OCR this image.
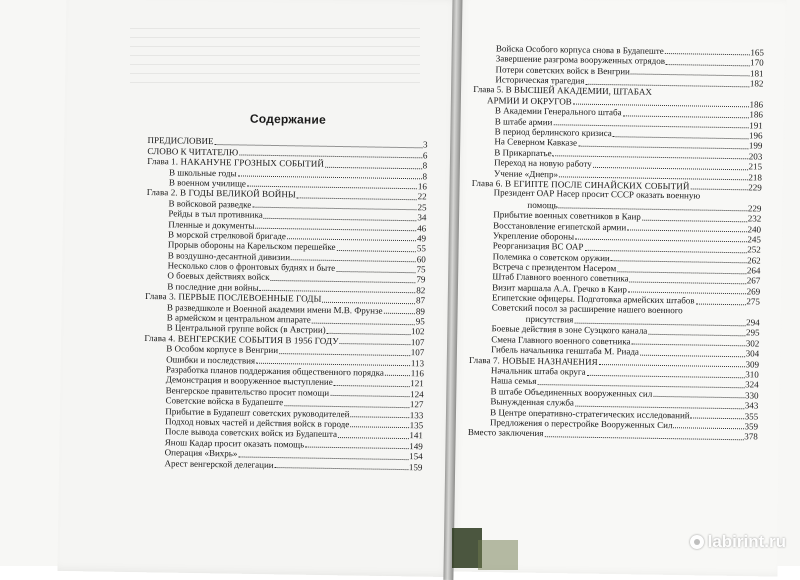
Содержание
ПРЕДИСЛОВИЕ	3
СЛОВО К ЧИТАТЕЛЮ	6
Глава 1. НАКАНУНЕ ГРОЗНЫХ СОБЫТИЙ	8
В школьные годы	8
В военном училище	16
Глава 2. В ГОДЫ ВЕЛИКОЙ ВОЙНЫ	22
В войсковой разведке	25
Рейды в тыл противника	34
Пленные и документы	46
В морской стрелковой бригаде	49
Прорыв обороны на Карельском перешейке	55
В воздушно-десантной дивизии	60
Несколько слов о фронтовых буднях и быте	75
О боевых действиях войск	79
В последние дни войны	82
Глава 3. ПЕРВЫЕ ПОСЛЕВОЕННЫЕ ГОДЫ	87
В разведшколе и Военной академии имени М.В. Фрунзе	89
В армейском и центральном аппарате	95
В Центральной группе войск (в Австрии)	102
Глава 4. ВЕНГЕРСКИЕ СОБЫТИЯ В 1956 ГОДУ	107
В Особом корпусе в Венгрии	107
Ошибки и последствия	113
Разработка планов поддержания общественного порядка	116
Демонстрация и вооруженное выступление	121
Венгерское правительство просит помощи	124
Советские войска в Будапеште	127
Прибытие в Будапешт советских руководителей	133
Подход новых частей и действия войск в городе	135
После вывода советских войск из Будапешта	141
Янош Кадар просит оказать помощь	149
Операция «Вихрь»	154
Арест венгерской делегации	159
Войска Особого корпуса снова в Будапеште	165
Завершение разгрома вооруженных отрядов	170
Потери советских войск в Венгрии	181
Историческая трагедия	182
Глава 5. В ВЫСШЕЙ АКАДЕМИИ, ШТАБАХ
АРМИИ И ОКРУГОВ	186
В Академии Генерального штаба	186
В штабе армии	191
В период берлинского кризиса	196
На Северном Кавказе	199
В Прикарпатье	203
Переход на новую работу	215
Учение «Днепр»	218
Глава 6. В ЕГИПТЕ ПОСЛЕ СИНАЙСКИХ СОБЫТИЙ	229
Президент ОАР Насер просит СССР оказать военную
помощь	229
Прибытие военных советников в Каир	232
Восстановление египетской армии	240
Укрепление обороны	245
Реорганизация ВС ОАР	252
Полемика о советском оружии	262
Встреча с президентом Насером	264
Штаб Главного военного советника	267
Визит маршала А.А. Гречко в Каир	269
Египетские офицеры. Подготовка армейских штабов	275
Советский посол за расширение нашего военного
присутствия	294
Боевые действия в зоне Суэцкого канала	295
Смена Главного военного советника	302
Гибель начальника генштаба М. Риада	304
Глава 7. НОВЫЕ НАЗНАЧЕНИЯ	309
Начальник штаба округа	310
Наша семья	324
В штабе Объединенных вооруженных сил	330
Вынужденная служба	343
В Центре оперативно-стратегических исследований	355
Предложения о перестройке Вооруженных Сил	359
Вместо заключения	378
labirint.ru
